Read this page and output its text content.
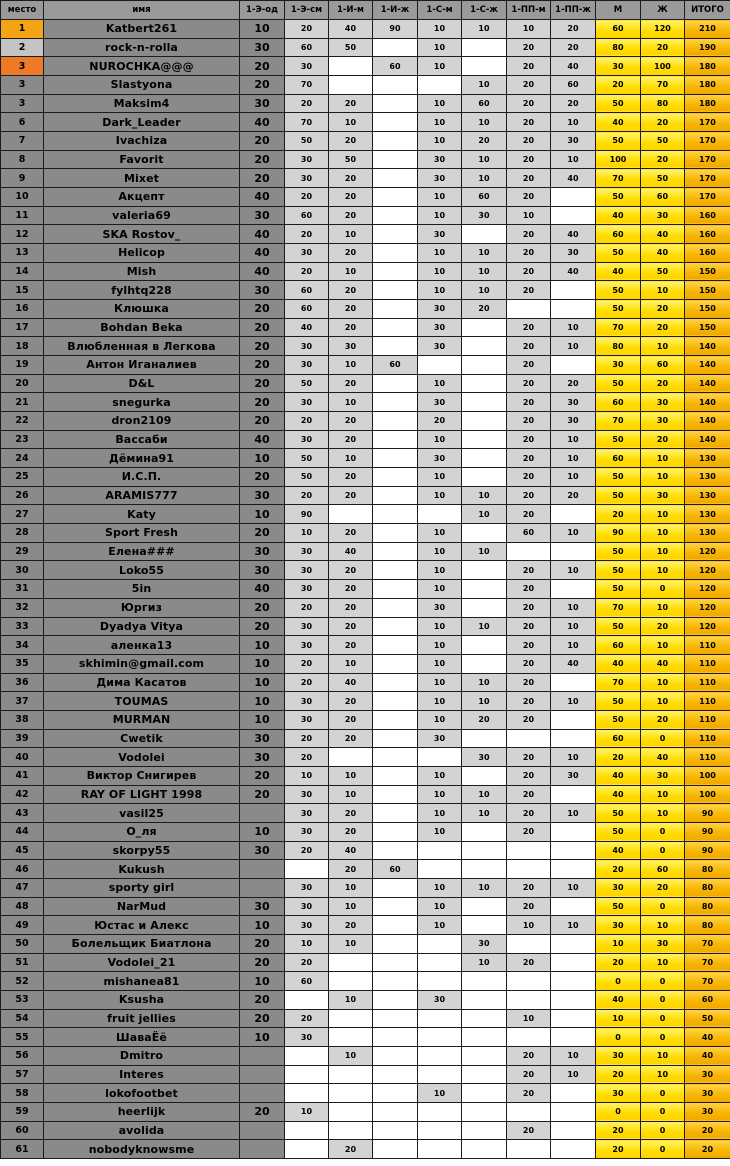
место	имя	1-Э-од	1-Э-см	1-И-м	1-И-ж	1-С-м	1-С-ж	1-ПП-м	1-ПП-ж	М	Ж	ИТОГО
1	Katbert261	10	20	40	90	10	10	10	20	60	120	210
2	rock-n-rolla	30	60	50		10		20	20	80	20	190
3	NUROCHKA@@@	20	30		60	10		20	40	30	100	180
3	Slastyona	20	70				10	20	60	20	70	180
3	Maksim4	30	20	20		10	60	20	20	50	80	180
6	Dark_Leader	40	70	10		10	10	20	10	40	20	170
7	Ivachiza	20	50	20		10	20	20	30	50	50	170
8	Favorit	20	30	50		30	10	20	10	100	20	170
9	Mixet	20	30	20		30	10	20	40	70	50	170
10	Акцепт	40	20	20		10	60	20		50	60	170
11	valeria69	30	60	20		10	30	10		40	30	160
12	SKA Rostov_	40	20	10		30		20	40	60	40	160
13	Helicop	40	30	20		10	10	20	30	50	40	160
14	Mish	40	20	10		10	10	20	40	40	50	150
15	fylhtq228	30	60	20		10	10	20		50	10	150
16	Клюшка	20	60	20		30	20			50	20	150
17	Bohdan Beka	20	40	20		30		20	10	70	20	150
18	Влюбленная в Легкова	20	30	30		30		20	10	80	10	140
19	Антон Иганалиев	20	30	10	60			20		30	60	140
20	D&L	20	50	20		10		20	20	50	20	140
21	snegurka	20	30	10		30		20	30	60	30	140
22	dron2109	20	20	20		20		20	30	70	30	140
23	Вассаби	40	30	20		10		20	10	50	20	140
24	Дёмина91	10	50	10		30		20	10	60	10	130
25	И.С.П.	20	50	20		10		20	10	50	10	130
26	ARAMIS777	30	20	20		10	10	20	20	50	30	130
27	Katy	10	90				10	20		20	10	130
28	Sport Fresh	20	10	20		10		60	10	90	10	130
29	Елена###	30	30	40		10	10			50	10	120
30	Loko55	30	30	20		10		20	10	50	10	120
31	5in	40	30	20		10		20		50	0	120
32	Юргиз	20	20	20		30		20	10	70	10	120
33	Dyadya Vitya	20	30	20		10	10	20	10	50	20	120
34	аленка13	10	30	20		10		20	10	60	10	110
35	skhimin@gmail.com	10	20	10		10		20	40	40	40	110
36	Дима Касатов	10	20	40		10	10	20		70	10	110
37	TOUMAS	10	30	20		10	10	20	10	50	10	110
38	MURMAN	10	30	20		10	20	20		50	20	110
39	Cwetik	30	20	20		30				60	0	110
40	Vodolei	30	20				30	20	10	20	40	110
41	Виктор Снигирев	20	10	10		10		20	30	40	30	100
42	RAY OF LIGHT 1998	20	30	10		10	10	20		40	10	100
43	vasil25		30	20		10	10	20	10	50	10	90
44	O_ля	10	30	20		10		20		50	0	90
45	skorpy55	30	20	40						40	0	90
46	Kukush			20	60					20	60	80
47	sporty girl		30	10		10	10	20	10	30	20	80
48	NarMud	30	30	10		10		20		50	0	80
49	Юстас и Алекс	10	30	20		10		10	10	30	10	80
50	Болельщик Биатлона	20	10	10			30			10	30	70
51	Vodolei_21	20	20				10	20		20	10	70
52	mishanea81	10	60							0	0	70
53	Ksusha	20		10		30				40	0	60
54	fruit jellies	20	20					10		10	0	50
55	ШаваЁё	10	30							0	0	40
56	Dmitro			10				20	10	30	10	40
57	Interes							20	10	20	10	30
58	lokofootbet					10		20		30	0	30
59	heerlijk	20	10							0	0	30
60	avolida							20		20	0	20
61	nobodyknowsme			20						20	0	20
